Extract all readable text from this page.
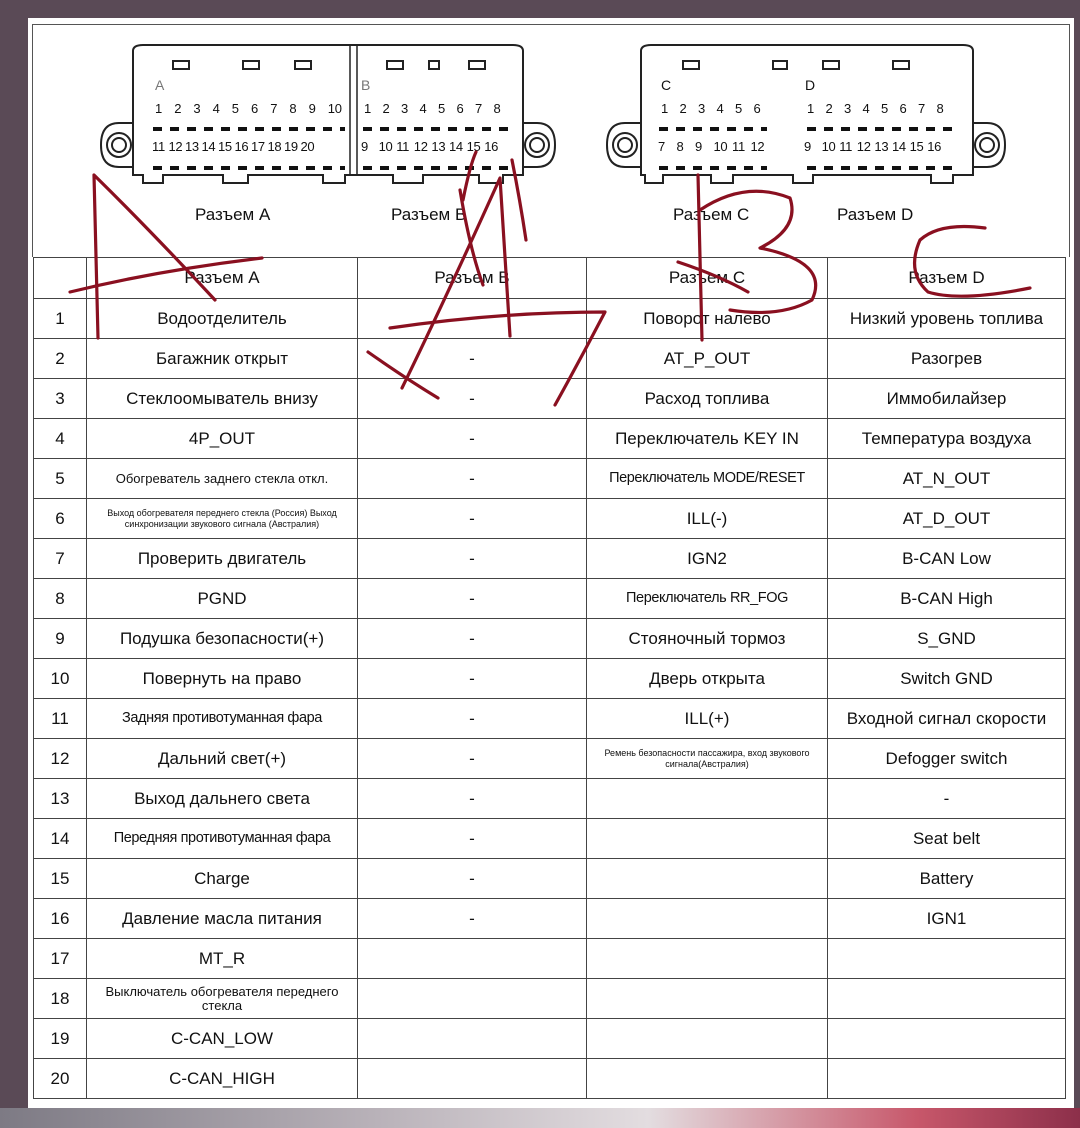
A	B	C	D
1 2 3 4 5 6 7 8 9 10
11 12 13 14 15 16 17 18 19 20
1 2 3 4 5 6 7 8
9 10 11 12 13 14 15 16
1 2 3 4 5 6
7 8 9 10 11 12
1 2 3 4 5 6 7 8
9 10 11 12 13 14 15 16
Разъем A	Разъем B	Разъем C	Разъем D
	Разъем A	Разъем B	Разъем C	Разъем D
1	Водоотделитель		Поворот налево	Низкий уровень топлива
2	Багажник открыт	-	AT_P_OUT	Разогрев
3	Стеклоомыватель внизу	-	Расход топлива	Иммобилайзер
4	4P_OUT	-	Переключатель KEY IN	Температура воздуха
5	Обогреватель заднего стекла откл.	-	Переключатель MODE/RESET	AT_N_OUT
6	Выход обогревателя переднего стекла (Россия) Выход синхронизации звукового сигнала (Австралия)	-	ILL(-)	AT_D_OUT
7	Проверить двигатель	-	IGN2	B-CAN Low
8	PGND	-	Переключатель RR_FOG	B-CAN High
9	Подушка безопасности(+)	-	Стояночный тормоз	S_GND
10	Повернуть на право	-	Дверь открыта	Switch GND
11	Задняя противотуманная фара	-	ILL(+)	Входной сигнал скорости
12	Дальний свет(+)	-	Ремень безопасности пассажира, вход звукового сигнала(Австралия)	Defogger switch
13	Выход дальнего света	-		-
14	Передняя противотуманная фара	-		Seat belt
15	Charge	-		Battery
16	Давление масла питания	-		IGN1
17	MT_R			
18	Выключатель обогревателя переднего стекла			
19	C-CAN_LOW			
20	C-CAN_HIGH			
